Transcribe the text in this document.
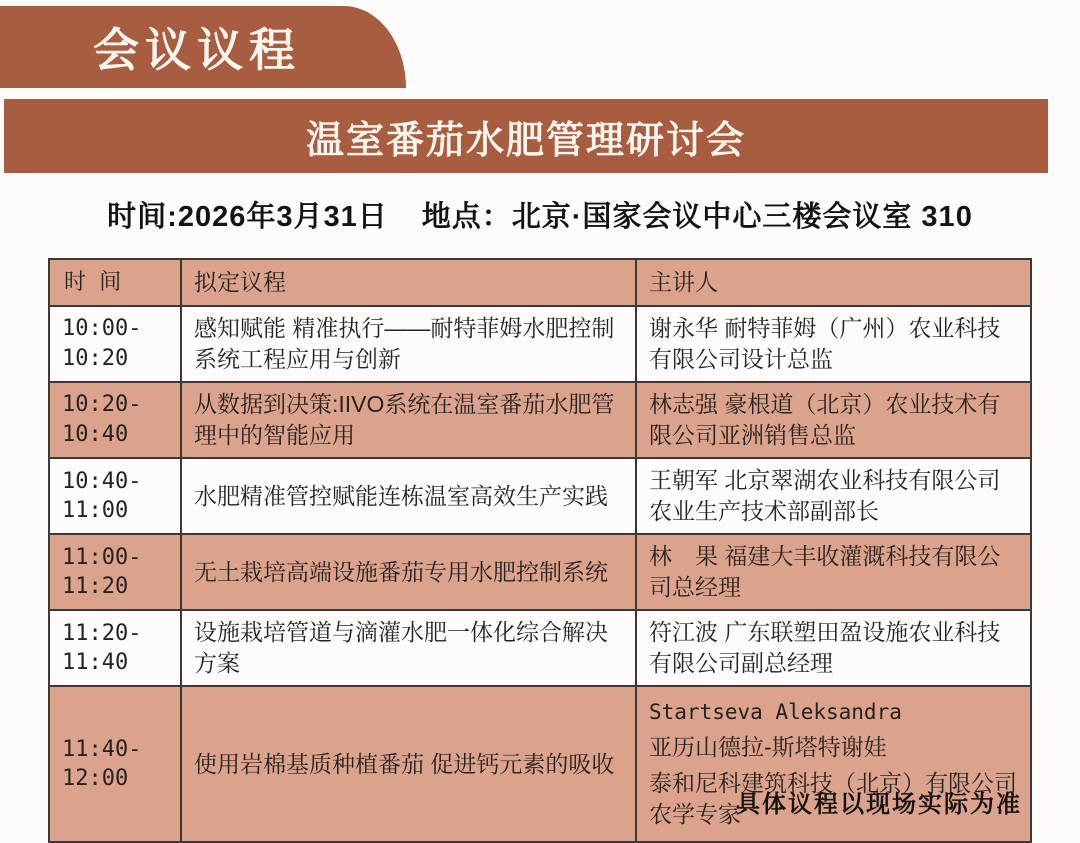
会议议程
温室番茄水肥管理研讨会
时间:2026年3月31日 地点：北京·国家会议中心三楼会议室 310
时 间	拟定议程	主讲人
10:00-10:20	感知赋能 精准执行——耐特菲姆水肥控制系统工程应用与创新	谢永华 耐特菲姆（广州）农业科技有限公司设计总监
10:20-10:40	从数据到决策:IIVO系统在温室番茄水肥管理中的智能应用	林志强 豪根道（北京）农业技术有限公司亚洲销售总监
10:40-11:00	水肥精准管控赋能连栋温室高效生产实践	王朝军 北京翠湖农业科技有限公司农业生产技术部副部长
11:00-11:20	无土栽培高端设施番茄专用水肥控制系统	林　果 福建大丰收灌溉科技有限公司总经理
11:20-11:40	设施栽培管道与滴灌水肥一体化综合解决方案	符江波 广东联塑田盈设施农业科技有限公司副总经理
11:40-12:00	使用岩棉基质种植番茄 促进钙元素的吸收	Startseva Aleksandra
亚历山德拉-斯塔特谢娃
泰和尼科建筑科技（北京）有限公司农学专家
具体议程以现场实际为准
